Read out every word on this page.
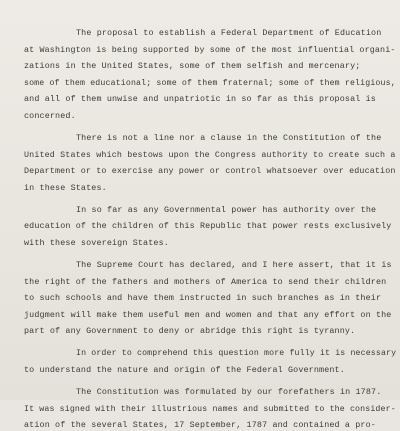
The proposal to establish a Federal Department of Education

at Washington is being supported by some of the most influential organi-

zations in the United States, some of them selfish and mercenary;

some of them educational; some of them fraternal; some of them religious,

and all of them unwise and unpatriotic in so far as this proposal is

concerned.

There is not a line nor a clause in the Constitution of the

United States which bestows upon the Congress authority to create such a

Department or to exercise any power or control whatsoever over education

in these States.

In so far as any Governmental power has authority over the

education of the children of this Republic that power rests exclusively

with these sovereign States.

The Supreme Court has declared, and I here assert, that it is

the right of the fathers and mothers of America to send their children

to such schools and have them instructed in such branches as in their

judgment will make them useful men and women and that any effort on the

part of any Government to deny or abridge this right is tyranny.

In order to comprehend this question more fully it is necessary

to understand the nature and origin of the Federal Government.

The Constitution was formulated by our forefathers in 1787.

It was signed with their illustrious names and submitted to the consider-

ation of the several States, 17 September, 1787 and contained a pro-
